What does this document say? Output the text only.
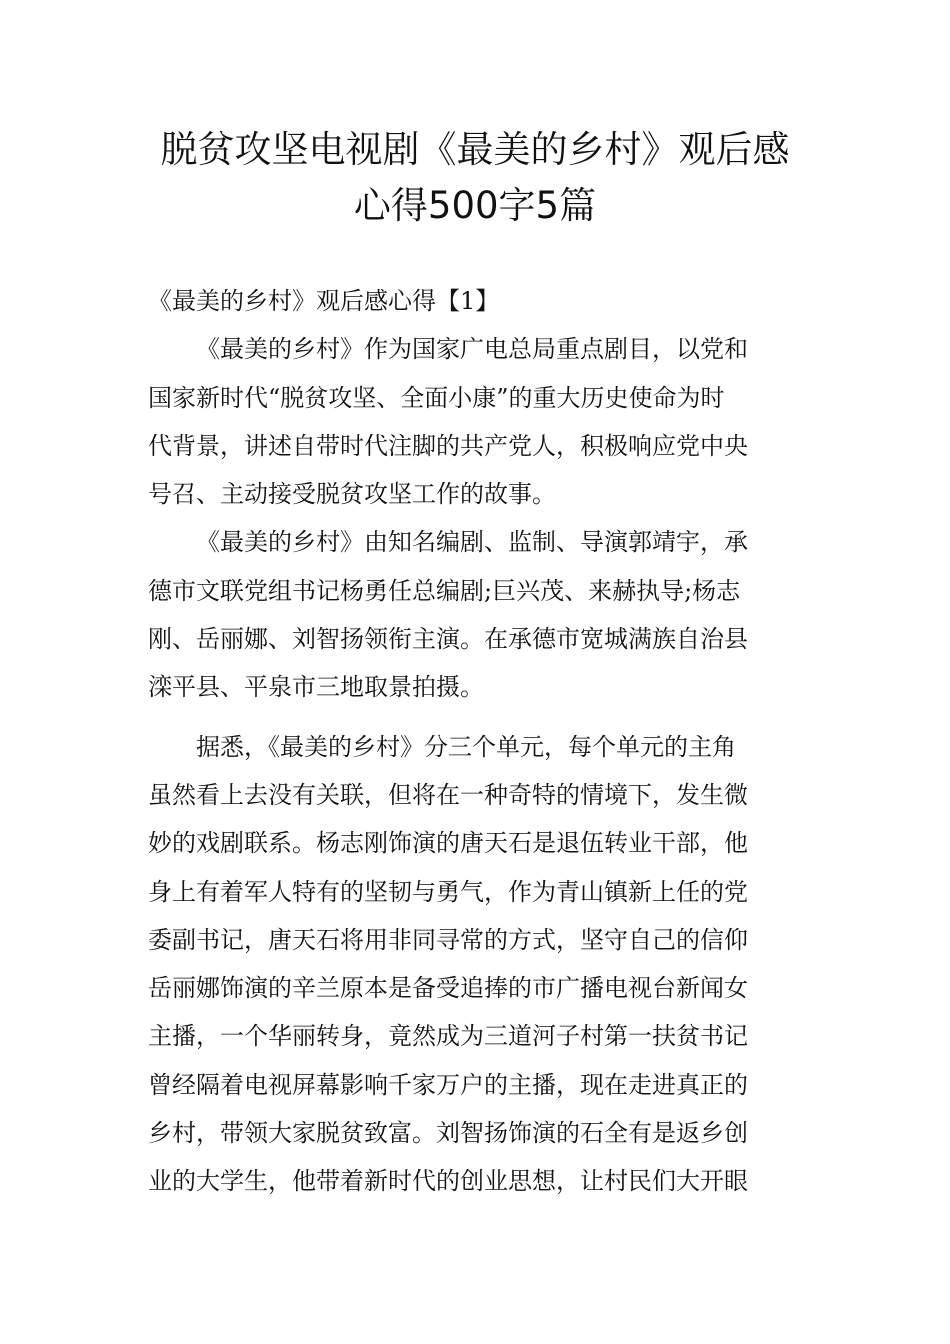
脱贫攻坚电视剧《最美的乡村》观后感
心得500字5篇

《最美的乡村》观后感心得【1】

《最美的乡村》作为国家广电总局重点剧目，以党和
国家新时代“脱贫攻坚、全面小康”的重大历史使命为时
代背景，讲述自带时代注脚的共产党人，积极响应党中央
号召、主动接受脱贫攻坚工作的故事。

《最美的乡村》由知名编剧、监制、导演郭靖宇，承
德市文联党组书记杨勇任总编剧;巨兴茂、来赫执导;杨志
刚、岳丽娜、刘智扬领衔主演。在承德市宽城满族自治县
滦平县、平泉市三地取景拍摄。

据悉，《最美的乡村》分三个单元，每个单元的主角
虽然看上去没有关联，但将在一种奇特的情境下，发生微
妙的戏剧联系。杨志刚饰演的唐天石是退伍转业干部，他
身上有着军人特有的坚韧与勇气，作为青山镇新上任的党
委副书记，唐天石将用非同寻常的方式，坚守自己的信仰
岳丽娜饰演的辛兰原本是备受追捧的市广播电视台新闻女
主播，一个华丽转身，竟然成为三道河子村第一扶贫书记
曾经隔着电视屏幕影响千家万户的主播，现在走进真正的
乡村，带领大家脱贫致富。刘智扬饰演的石全有是返乡创
业的大学生，他带着新时代的创业思想，让村民们大开眼
